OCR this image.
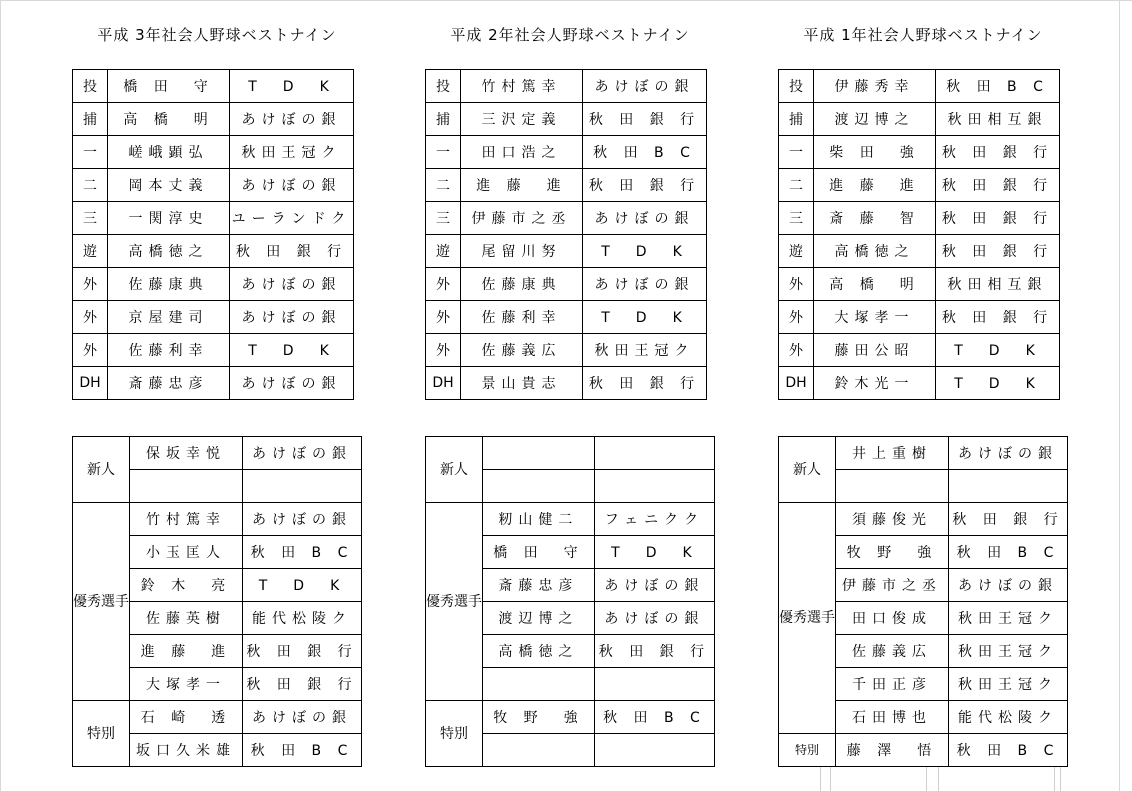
平成 3年社会人野球ベストナイン
投	橋 田　守	T　D　K
捕	高 橋　明	あけぼの銀
一	嵯峨顕弘	秋田王冠ク
二	岡本丈義	あけぼの銀
三	一関淳史	ユーランドク
遊	高橋徳之	秋 田 銀 行
外	佐藤康典	あけぼの銀
外	京屋建司	あけぼの銀
外	佐藤利幸	T　D　K
DH	斎藤忠彦	あけぼの銀
新人	保坂幸悦	あけぼの銀

優秀選手	竹村篤幸	あけぼの銀
	小玉匡人	秋 田 B C
	鈴 木　亮	T　D　K
	佐藤英樹	能代松陵ク
	進 藤　進	秋 田 銀 行
	大塚孝一	秋 田 銀 行
特別	石 崎　透	あけぼの銀
	坂口久米雄	秋 田 B C
平成 2年社会人野球ベストナイン
投	竹村篤幸	あけぼの銀
捕	三沢定義	秋 田 銀 行
一	田口浩之	秋 田 B C
二	進 藤　進	秋 田 銀 行
三	伊藤市之丞	あけぼの銀
遊	尾留川努	T　D　K
外	佐藤康典	あけぼの銀
外	佐藤利幸	T　D　K
外	佐藤義広	秋田王冠ク
DH	景山貴志	秋 田 銀 行
新人		

優秀選手	籾山健二	フェニクク
	橋 田　守	T　D　K
	斎藤忠彦	あけぼの銀
	渡辺博之	あけぼの銀
	高橋徳之	秋 田 銀 行

特別	牧 野　強	秋 田 B C

平成 1年社会人野球ベストナイン
投	伊藤秀幸	秋 田 B C
捕	渡辺博之	秋田相互銀
一	柴 田　強	秋 田 銀 行
二	進 藤　進	秋 田 銀 行
三	斎 藤　智	秋 田 銀 行
遊	高橋徳之	秋 田 銀 行
外	高 橋　明	秋田相互銀
外	大塚孝一	秋 田 銀 行
外	藤田公昭	T　D　K
DH	鈴木光一	T　D　K
新人	井上重樹	あけぼの銀

優秀選手	須藤俊光	秋 田 銀 行
	牧 野　強	秋 田 B C
	伊藤市之丞	あけぼの銀
	田口俊成	秋田王冠ク
	佐藤義広	秋田王冠ク
	千田正彦	秋田王冠ク
	石田博也	能代松陵ク
特別	藤 澤　悟	秋 田 B C
